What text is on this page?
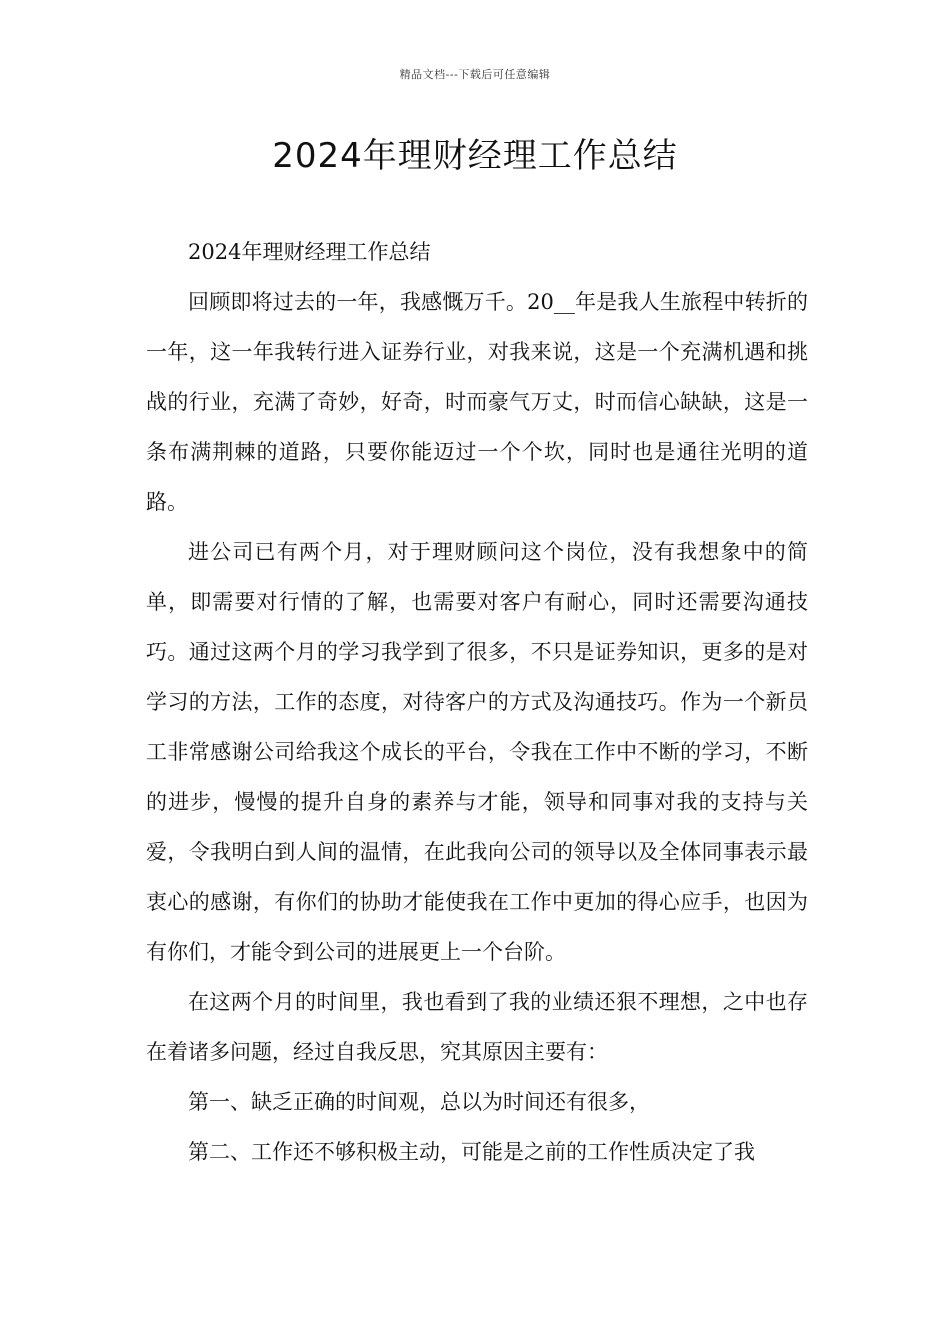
精品文档---下载后可任意编辑
2024年理财经理工作总结

2024年理财经理工作总结

回顾即将过去的一年，我感慨万千。20__年是我人生旅程中转折的一年，这一年我转行进入证券行业，对我来说，这是一个充满机遇和挑战的行业，充满了奇妙，好奇，时而豪气万丈，时而信心缺缺，这是一条布满荆棘的道路，只要你能迈过一个个坎，同时也是通往光明的道路。

进公司已有两个月，对于理财顾问这个岗位，没有我想象中的简单，即需要对行情的了解，也需要对客户有耐心，同时还需要沟通技巧。通过这两个月的学习我学到了很多，不只是证券知识，更多的是对学习的方法，工作的态度，对待客户的方式及沟通技巧。作为一个新员工非常感谢公司给我这个成长的平台，令我在工作中不断的学习，不断的进步，慢慢的提升自身的素养与才能，领导和同事对我的支持与关爱，令我明白到人间的温情，在此我向公司的领导以及全体同事表示最衷心的感谢，有你们的协助才能使我在工作中更加的得心应手，也因为有你们，才能令到公司的进展更上一个台阶。

在这两个月的时间里，我也看到了我的业绩还狠不理想，之中也存在着诸多问题，经过自我反思，究其原因主要有：

第一、缺乏正确的时间观，总以为时间还有很多，

第二、工作还不够积极主动，可能是之前的工作性质决定了我
